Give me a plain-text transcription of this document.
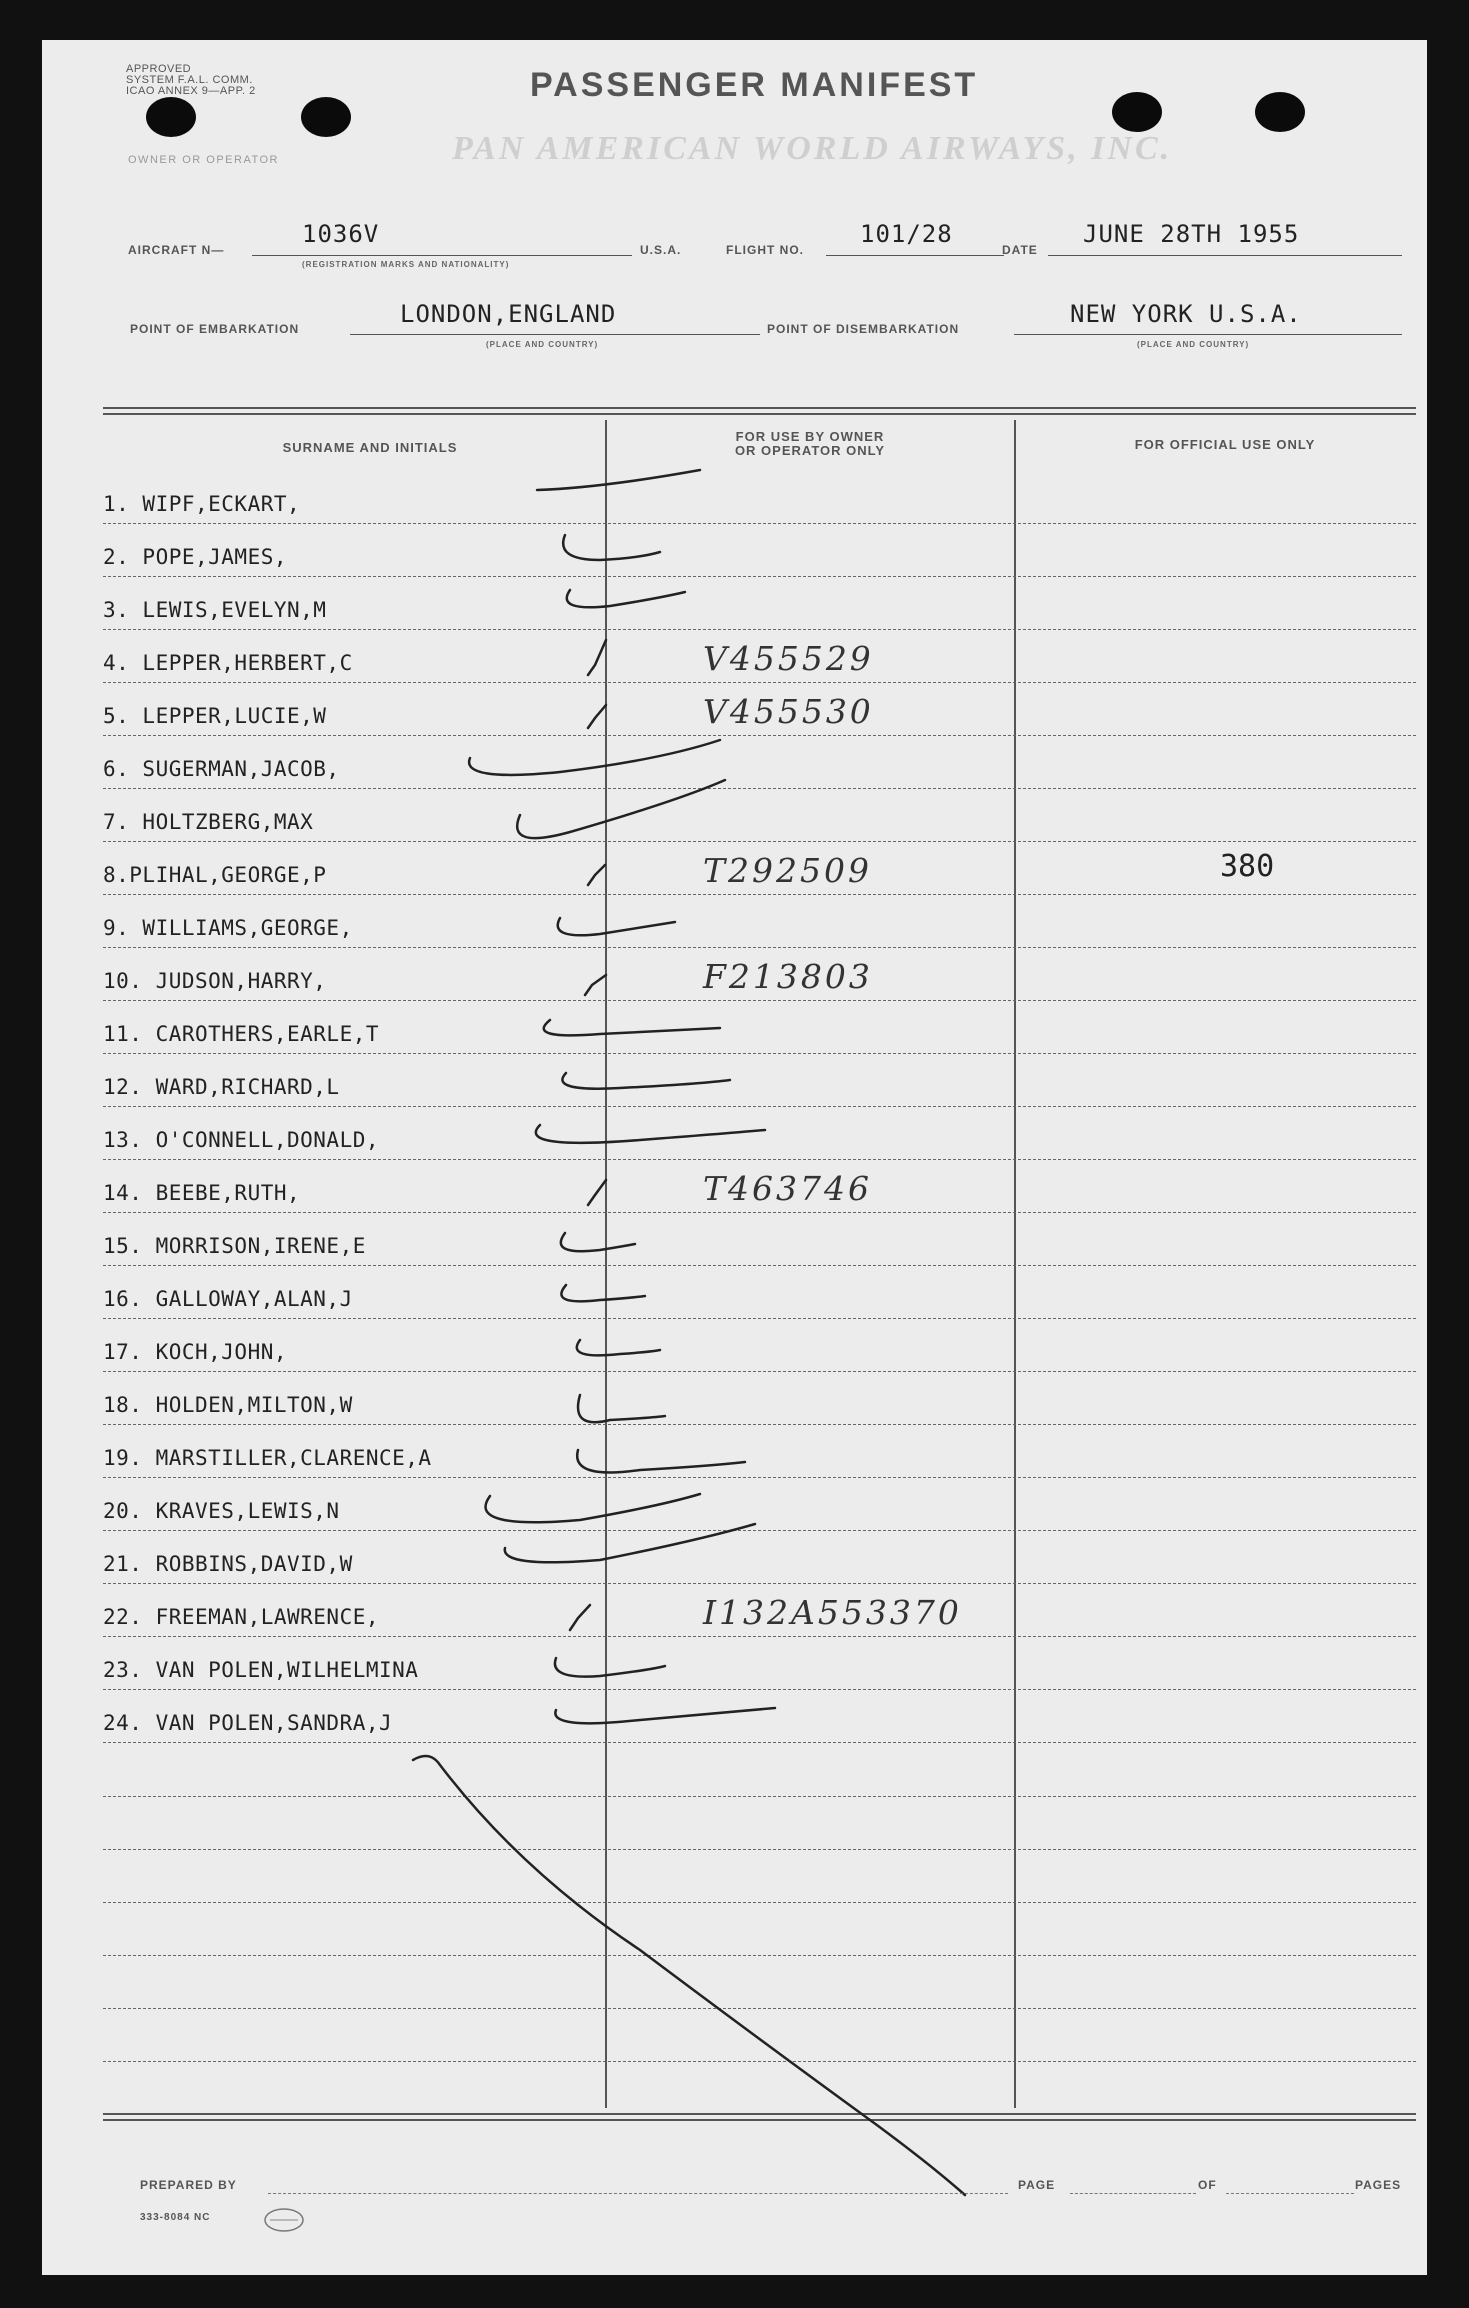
APPROVED
SYSTEM F.A.L. COMM.
ICAO ANNEX 9—APP. 2	PASSENGER MANIFEST
OWNER OR OPERATOR	PAN AMERICAN WORLD AIRWAYS, INC.
AIRCRAFT N—
1036V
(REGISTRATION MARKS AND NATIONALITY)
U.S.A.	FLIGHT NO.
101/28
DATE
JUNE 28TH 1955
POINT OF EMBARKATION
LONDON,ENGLAND
(PLACE AND COUNTRY)
POINT OF DISEMBARKATION
NEW YORK U.S.A.
(PLACE AND COUNTRY)
SURNAME AND INITIALS
FOR USE BY OWNER
OR OPERATOR ONLY	FOR OFFICIAL USE ONLY
1. WIPF,ECKART,
2. POPE,JAMES,
3. LEWIS,EVELYN,M
4. LEPPER,HERBERT,C	V455529
5. LEPPER,LUCIE,W	V455530
6. SUGERMAN,JACOB,
7. HOLTZBERG,MAX
8.PLIHAL,GEORGE,P	T292509	380
9. WILLIAMS,GEORGE,
10. JUDSON,HARRY,	F213803
11. CAROTHERS,EARLE,T
12. WARD,RICHARD,L
13. O'CONNELL,DONALD,
14. BEEBE,RUTH,	T463746
15. MORRISON,IRENE,E
16. GALLOWAY,ALAN,J
17. KOCH,JOHN,
18. HOLDEN,MILTON,W
19. MARSTILLER,CLARENCE,A
20. KRAVES,LEWIS,N
21. ROBBINS,DAVID,W
22. FREEMAN,LAWRENCE,	I132A553370
23. VAN POLEN,WILHELMINA
24. VAN POLEN,SANDRA,J
PREPARED BY	PAGE	OF	PAGES
333-8084 NC
